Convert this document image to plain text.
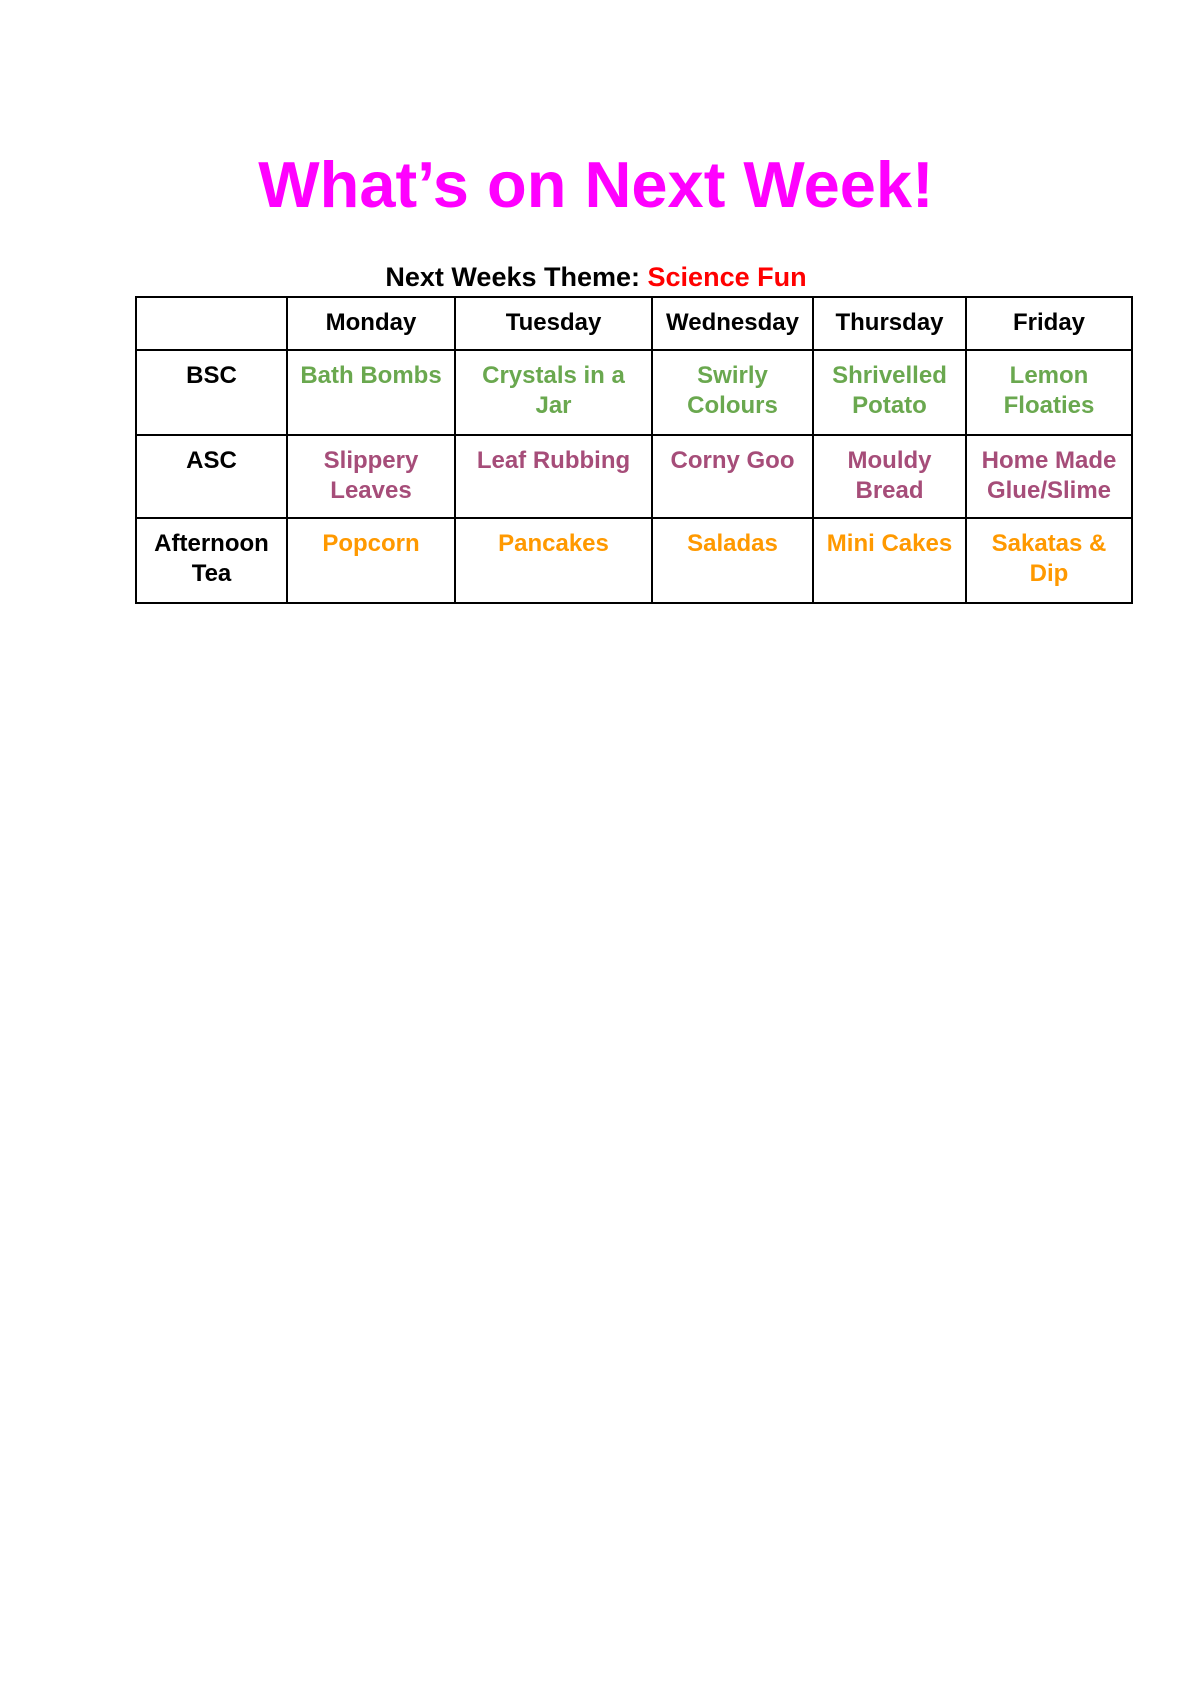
What’s on Next Week!
Next Weeks Theme: Science Fun
	Monday	Tuesday	Wednesday	Thursday	Friday
BSC	Bath Bombs	Crystals in a Jar	Swirly Colours	Shrivelled Potato	Lemon Floaties
ASC	Slippery Leaves	Leaf Rubbing	Corny Goo	Mouldy Bread	Home Made Glue/Slime
Afternoon Tea	Popcorn	Pancakes	Saladas	Mini Cakes	Sakatas & Dip
